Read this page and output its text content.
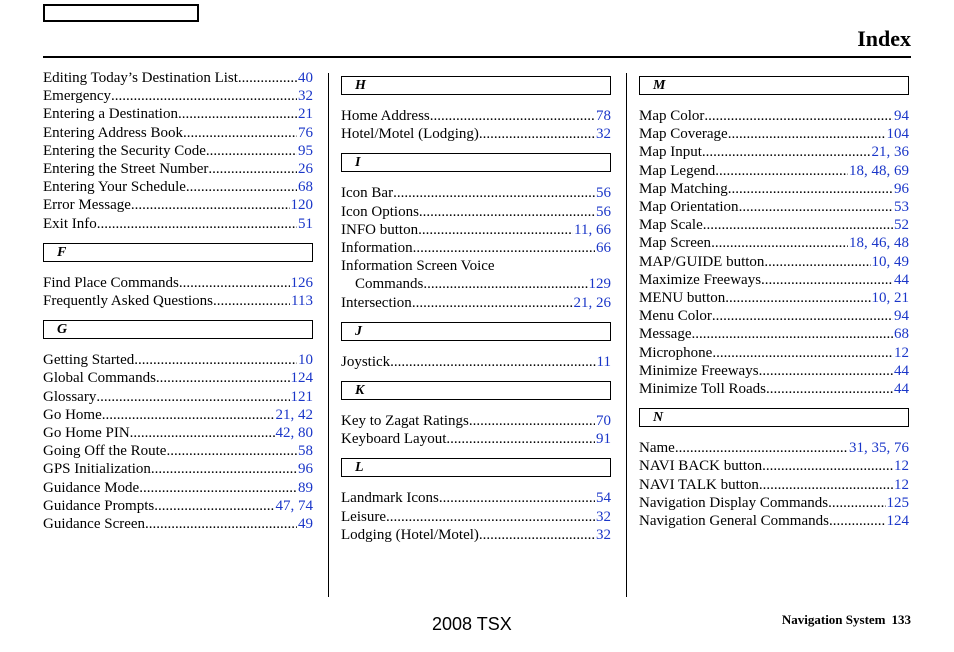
Index
Editing Today’s Destination List .....	40
Emergency .....	32
Entering a Destination .....	21
Entering Address Book .....	76
Entering the Security Code .....	95
Entering the Street Number .....	26
Entering Your Schedule .....	68
Error Message .....	120
Exit Info .....	51
F
Find Place Commands .....	126
Frequently Asked Questions .....	113
G
Getting Started .....	10
Global Commands .....	124
Glossary .....	121
Go Home .....	21, 42
Go Home PIN .....	42, 80
Going Off the Route .....	58
GPS Initialization .....	96
Guidance Mode .....	89
Guidance Prompts .....	47, 74
Guidance Screen .....	49
H
Home Address .....	78
Hotel/Motel (Lodging) .....	32
I
Icon Bar .....	56
Icon Options .....	56
INFO button .....	11, 66
Information .....	66
Information Screen Voice
Commands .....	129
Intersection .....	21, 26
J
Joystick .....	11
K
Key to Zagat Ratings .....	70
Keyboard Layout .....	91
L
Landmark Icons .....	54
Leisure .....	32
Lodging (Hotel/Motel) .....	32
M
Map Color .....	94
Map Coverage .....	104
Map Input .....	21, 36
Map Legend .....	18, 48, 69
Map Matching .....	96
Map Orientation .....	53
Map Scale .....	52
Map Screen .....	18, 46, 48
MAP/GUIDE button .....	10, 49
Maximize Freeways .....	44
MENU button .....	10, 21
Menu Color .....	94
Message .....	68
Microphone .....	12
Minimize Freeways .....	44
Minimize Toll Roads .....	44
N
Name .....	31, 35, 76
NAVI BACK button .....	12
NAVI TALK button .....	12
Navigation Display Commands .....	125
Navigation General Commands .....	124
2008 TSX	Navigation System 133
